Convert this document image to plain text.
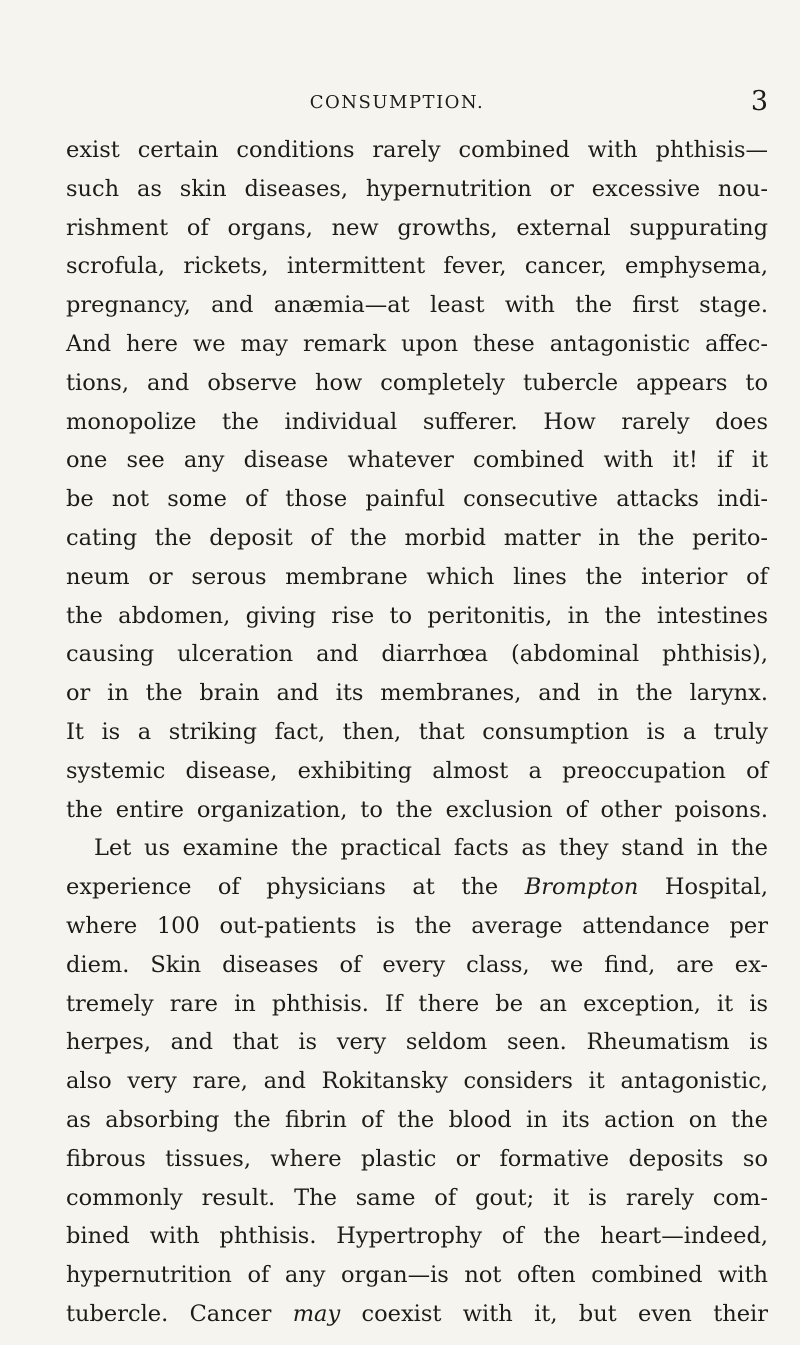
CONSUMPTION.	3
exist certain conditions rarely combined with phthisis—
such as skin diseases, hypernutrition or excessive nou-
rishment of organs, new growths, external suppurating
scrofula, rickets, intermittent fever, cancer, emphysema,
pregnancy, and anæmia—at least with the first stage.
And here we may remark upon these antagonistic affec-
tions, and observe how completely tubercle appears to
monopolize the individual sufferer. How rarely does
one see any disease whatever combined with it! if it
be not some of those painful consecutive attacks indi-
cating the deposit of the morbid matter in the perito-
neum or serous membrane which lines the interior of
the abdomen, giving rise to peritonitis, in the intestines
causing ulceration and diarrhœa (abdominal phthisis),
or in the brain and its membranes, and in the larynx.
It is a striking fact, then, that consumption is a truly
systemic disease, exhibiting almost a preoccupation of
the entire organization, to the exclusion of other poisons.
Let us examine the practical facts as they stand in the
experience of physicians at the Brompton Hospital,
where 100 out-patients is the average attendance per
diem. Skin diseases of every class, we find, are ex-
tremely rare in phthisis. If there be an exception, it is
herpes, and that is very seldom seen. Rheumatism is
also very rare, and Rokitansky considers it antagonistic,
as absorbing the fibrin of the blood in its action on the
fibrous tissues, where plastic or formative deposits so
commonly result. The same of gout; it is rarely com-
bined with phthisis. Hypertrophy of the heart—indeed,
hypernutrition of any organ—is not often combined with
tubercle. Cancer may coexist with it, but even their
